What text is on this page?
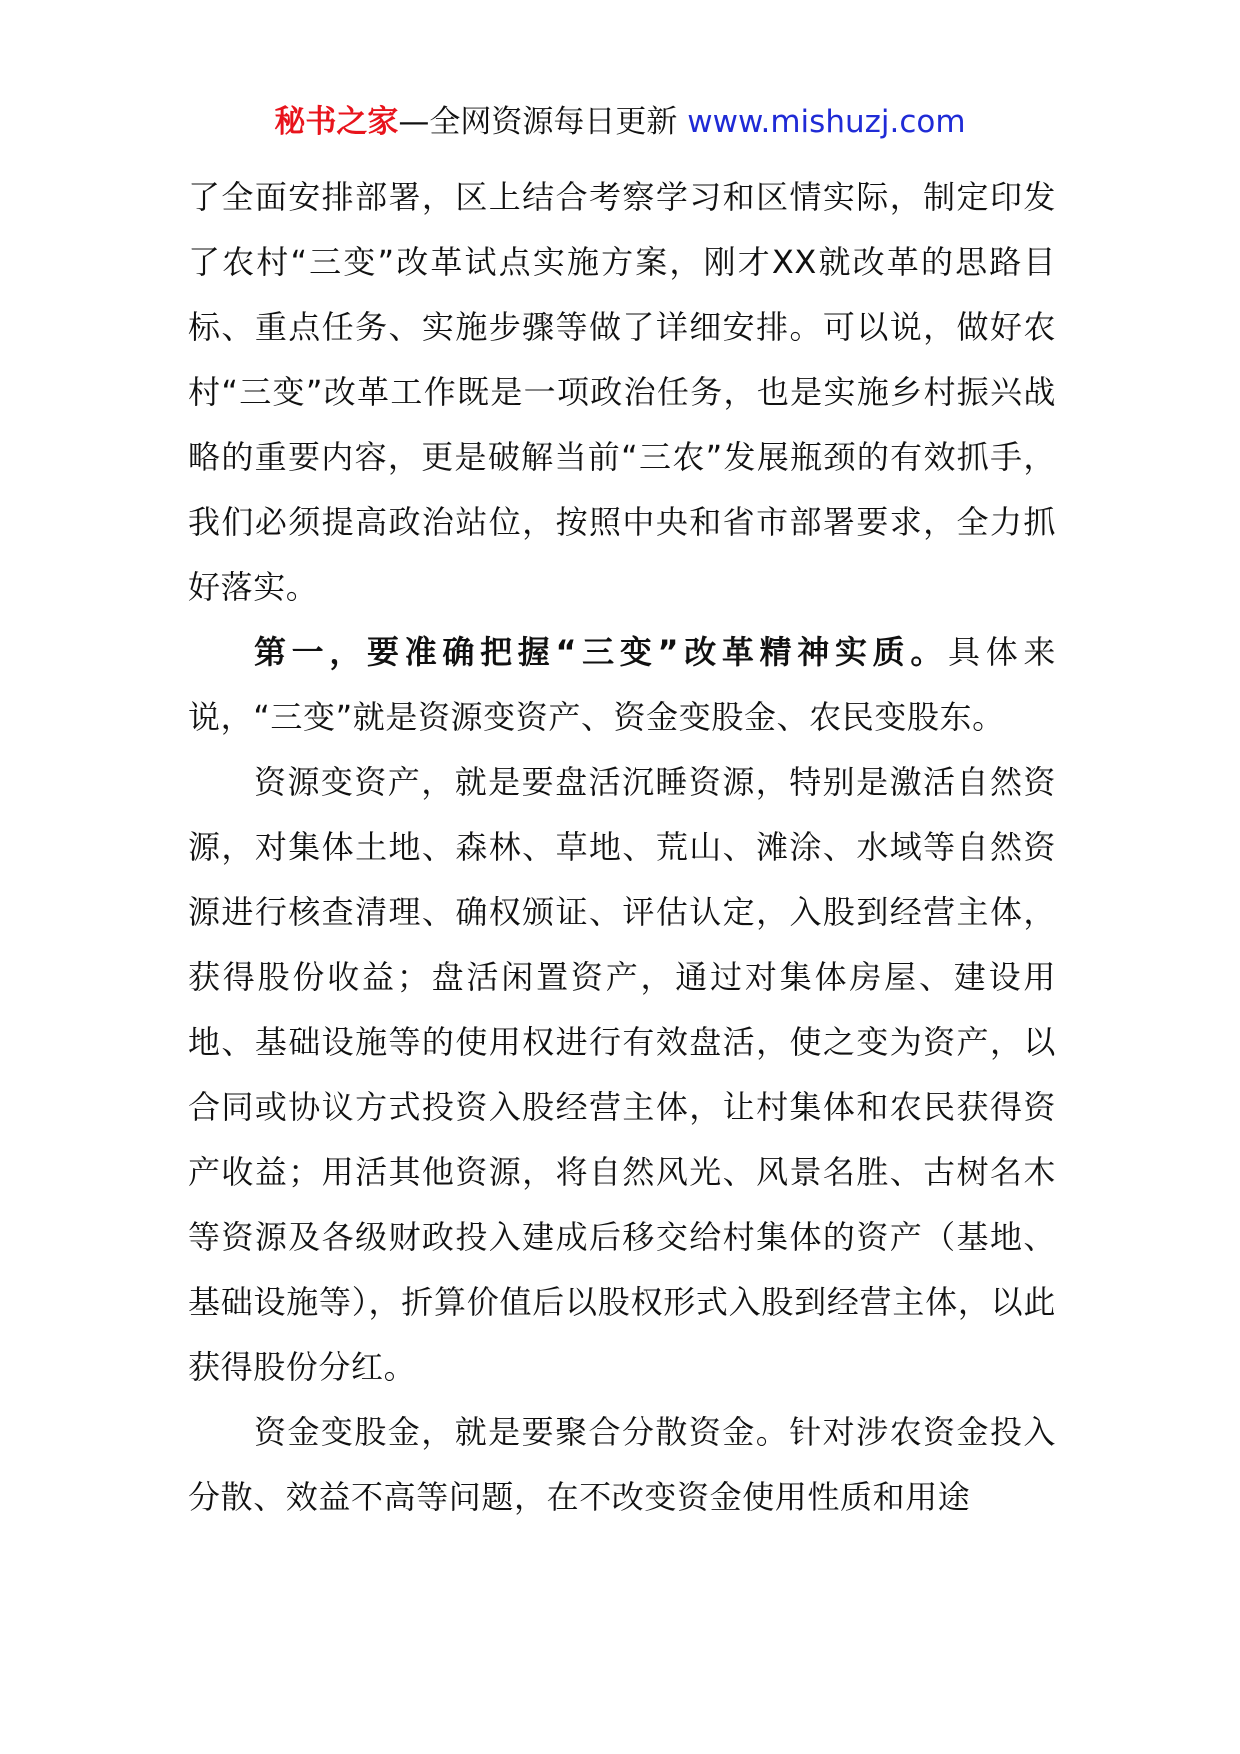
秘书之家—全网资源每日更新 www.mishuzj.com

了全面安排部署，区上结合考察学习和区情实际，制定印发了农村“三变”改革试点实施方案，刚才XX就改革的思路目标、重点任务、实施步骤等做了详细安排。可以说，做好农村“三变”改革工作既是一项政治任务，也是实施乡村振兴战略的重要内容，更是破解当前“三农”发展瓶颈的有效抓手，我们必须提高政治站位，按照中央和省市部署要求，全力抓好落实。

第一，要准确把握“三变”改革精神实质。具体来说，“三变”就是资源变资产、资金变股金、农民变股东。

资源变资产，就是要盘活沉睡资源，特别是激活自然资源，对集体土地、森林、草地、荒山、滩涂、水域等自然资源进行核查清理、确权颁证、评估认定，入股到经营主体，获得股份收益；盘活闲置资产，通过对集体房屋、建设用地、基础设施等的使用权进行有效盘活，使之变为资产，以合同或协议方式投资入股经营主体，让村集体和农民获得资产收益；用活其他资源，将自然风光、风景名胜、古树名木等资源及各级财政投入建成后移交给村集体的资产（基地、基础设施等），折算价值后以股权形式入股到经营主体，以此获得股份分红。

资金变股金，就是要聚合分散资金。针对涉农资金投入分散、效益不高等问题，在不改变资金使用性质和用途
